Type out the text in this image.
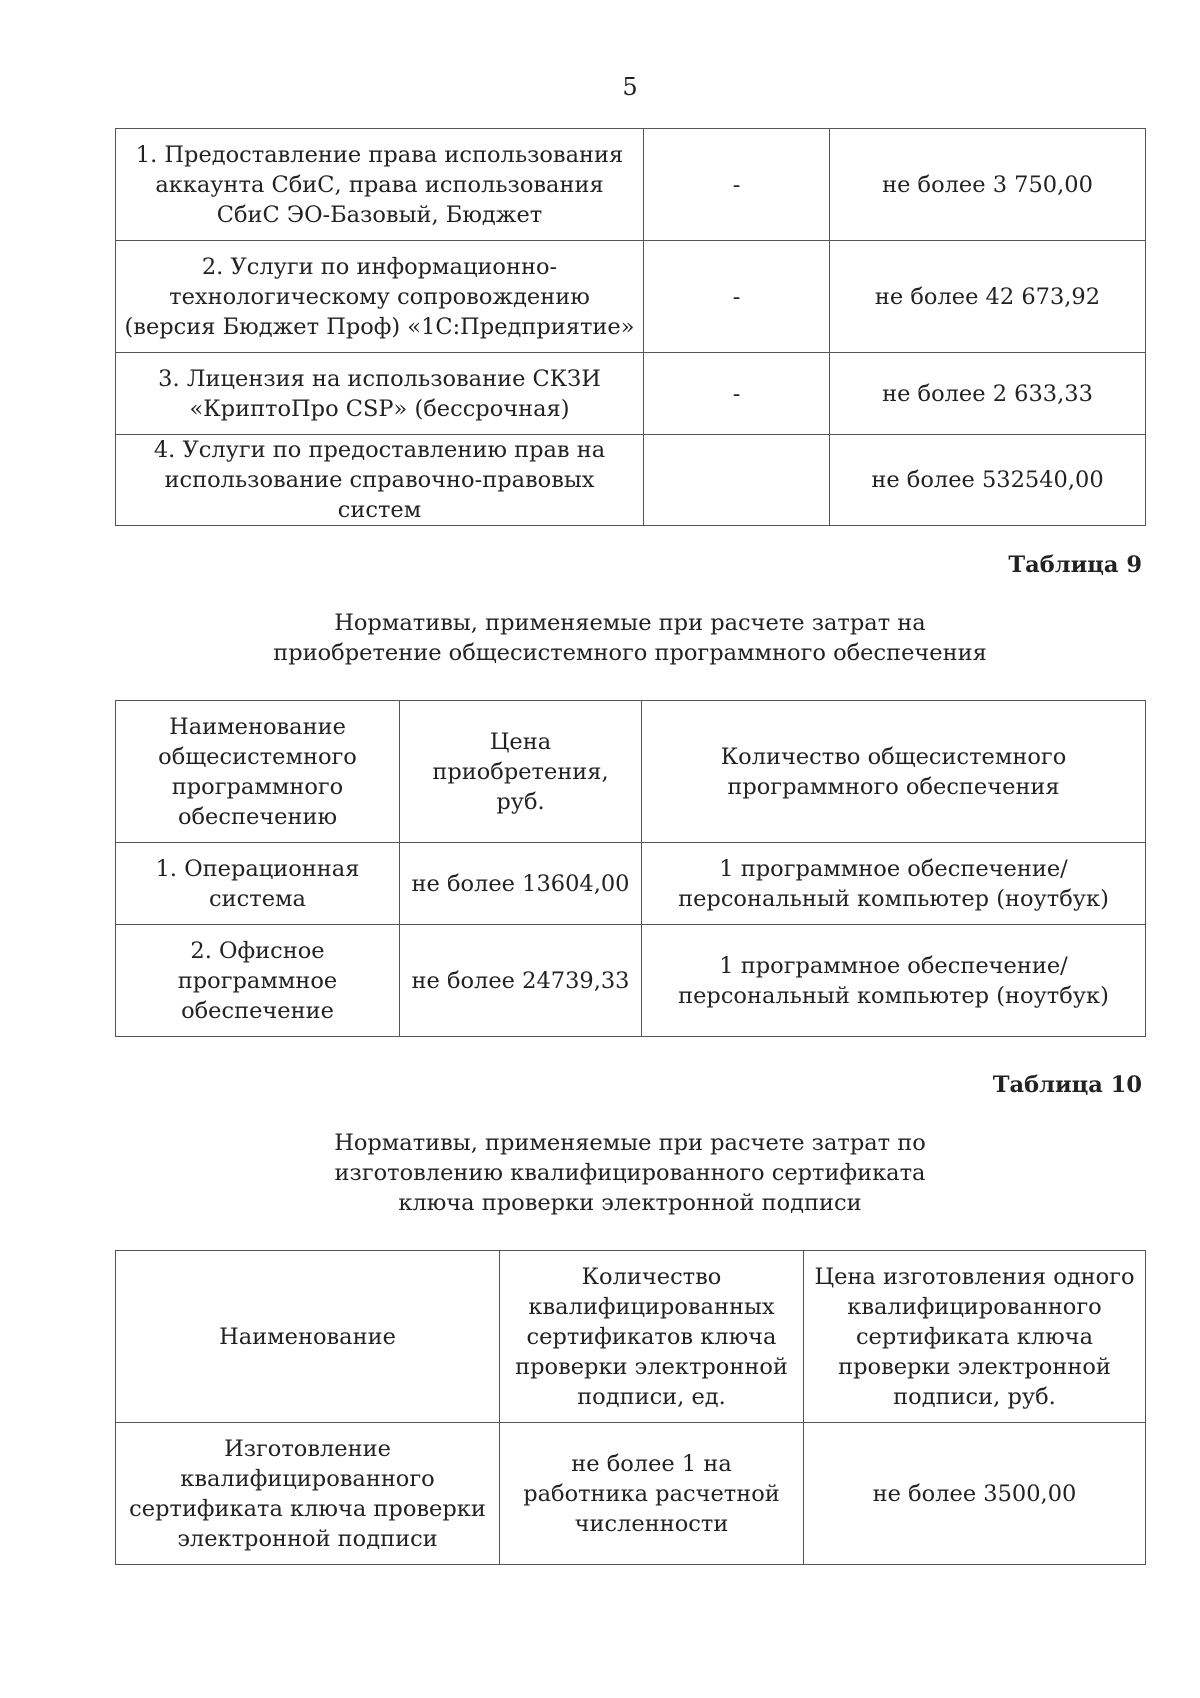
5
1. Предоставление права использования аккаунта СбиС, права использования СбиС ЭО-Базовый, Бюджет	-	не более 3 750,00
2. Услуги по информационно-технологическому сопровождению (версия Бюджет Проф) «1С:Предприятие»	-	не более 42 673,92
3. Лицензия на использование СКЗИ «КриптоПро CSP» (бессрочная)	-	не более 2 633,33
4. Услуги по предоставлению прав на использование справочно-правовых систем		не более 532540,00
Таблица 9
Нормативы, применяемые при расчете затрат на приобретение общесистемного программного обеспечения
Наименование общесистемного программного обеспечению	Цена приобретения, руб.	Количество общесистемного программного обеспечения
1. Операционная система	не более 13604,00	1 программное обеспечение/персональный компьютер (ноутбук)
2. Офисное программное обеспечение	не более 24739,33	1 программное обеспечение/персональный компьютер (ноутбук)
Таблица 10
Нормативы, применяемые при расчете затрат по изготовлению квалифицированного сертификата ключа проверки электронной подписи
Наименование	Количество квалифицированных сертификатов ключа проверки электронной подписи, ед.	Цена изготовления одного квалифицированного сертификата ключа проверки электронной подписи, руб.
Изготовление квалифицированного сертификата ключа проверки электронной подписи	не более 1 на работника расчетной численности	не более 3500,00
